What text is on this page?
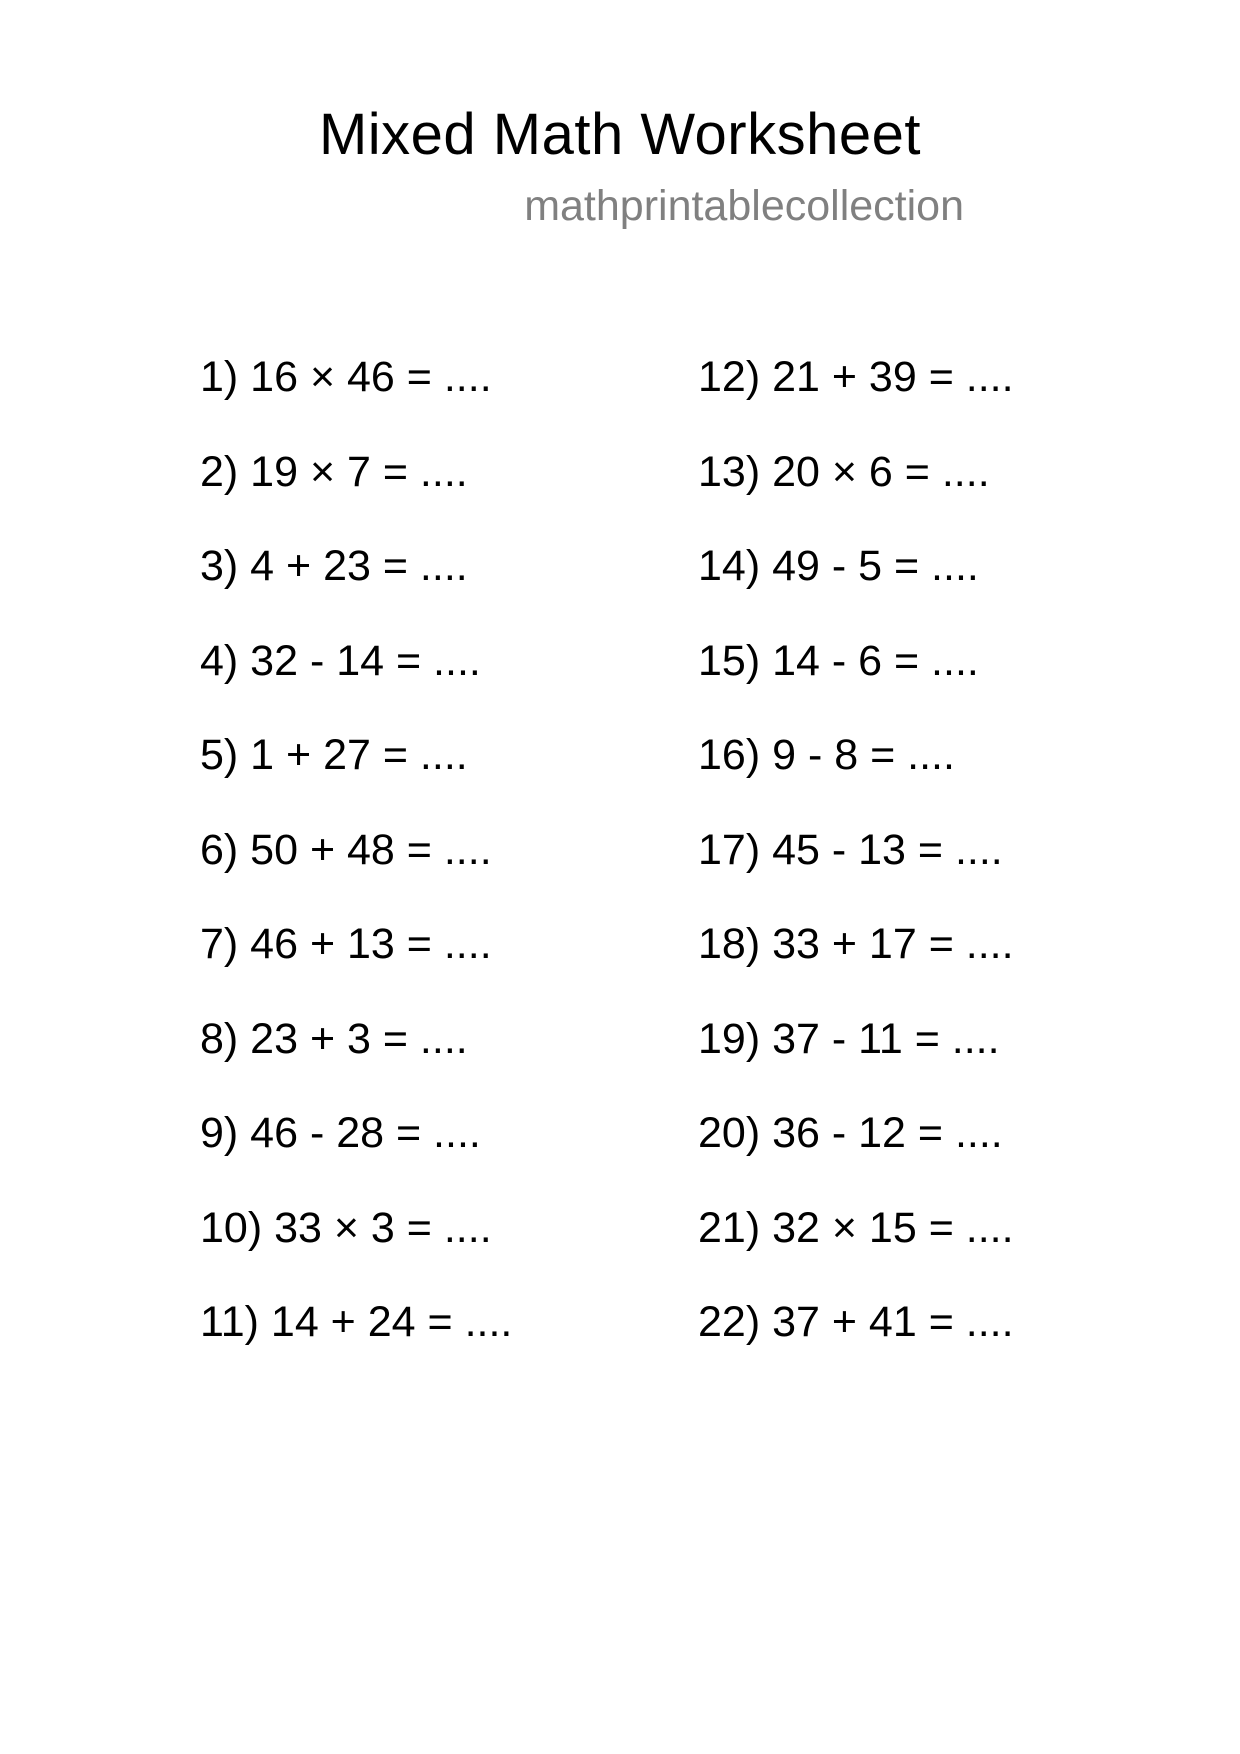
Mixed Math Worksheet
mathprintablecollection
1) 16 × 46 = ....
2) 19 × 7 = ....
3) 4 + 23 = ....
4) 32 - 14 = ....
5) 1 + 27 = ....
6) 50 + 48 = ....
7) 46 + 13 = ....
8) 23 + 3 = ....
9) 46 - 28 = ....
10) 33 × 3 = ....
11) 14 + 24 = ....
12) 21 + 39 = ....
13) 20 × 6 = ....
14) 49 - 5 = ....
15) 14 - 6 = ....
16) 9 - 8 = ....
17) 45 - 13 = ....
18) 33 + 17 = ....
19) 37 - 11 = ....
20) 36 - 12 = ....
21) 32 × 15 = ....
22) 37 + 41 = ....
